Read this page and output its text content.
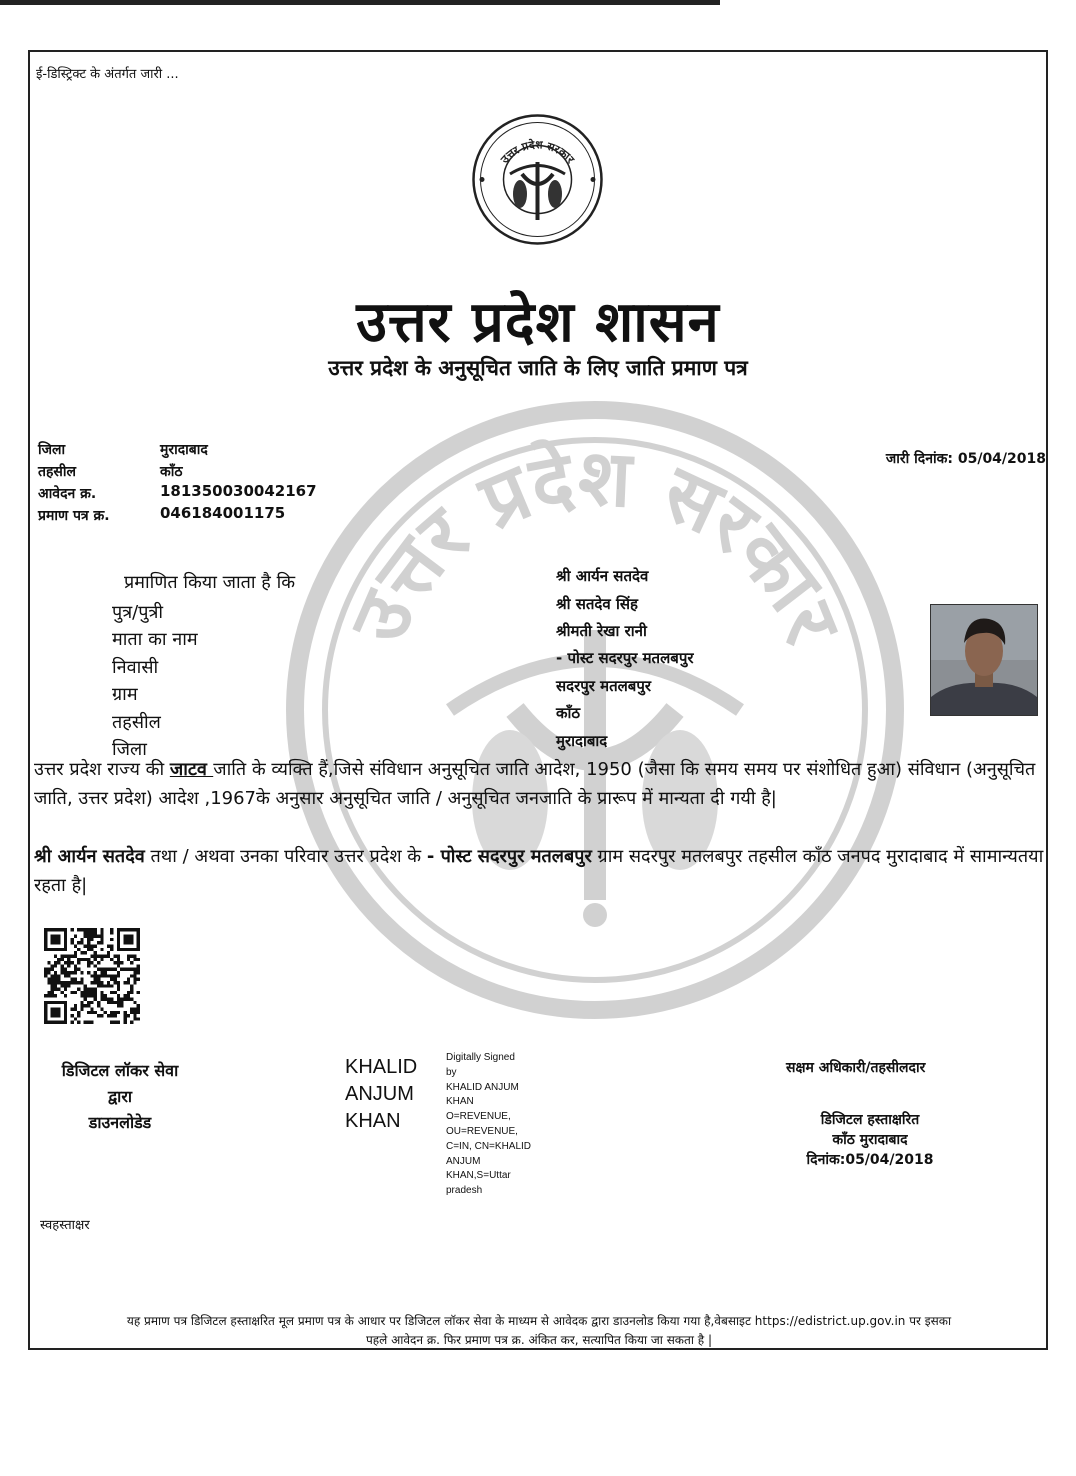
उत्तर प्रदेश सरकार
ई-डिस्ट्रिक्ट के अंतर्गत जारी ...
उत्तर प्रदेश सरकार
उत्तर प्रदेश शासन
उत्तर प्रदेश के अनुसूचित जाति के लिए जाति प्रमाण पत्र
जिला	मुरादाबाद
तहसील	काँठ
आवेदन क्र.	181350030042167
प्रमाण पत्र क्र.	046184001175
जारी दिनांक: 05/04/2018
प्रमाणित किया जाता है कि	श्री आर्यन सतदेव
पुत्र/पुत्री	श्री सतदेव सिंह
माता का नाम	श्रीमती रेखा रानी
निवासी	- पोस्ट सदरपुर मतलबपुर
ग्राम	सदरपुर मतलबपुर
तहसील	काँठ
जिला	मुरादाबाद
उत्तर प्रदेश राज्य की जाटव जाति के व्यक्ति हैं,जिसे संविधान अनुसूचित जाति आदेश, 1950 (जैसा कि समय समय पर संशोधित हुआ) संविधान (अनुसूचित जाति, उत्तर प्रदेश) आदेश ,1967के अनुसार अनुसूचित जाति / अनुसूचित जनजाति के प्रारूप में मान्यता दी गयी है|
श्री आर्यन सतदेव तथा / अथवा उनका परिवार उत्तर प्रदेश के - पोस्ट सदरपुर मतलबपुर ग्राम सदरपुर मतलबपुर तहसील काँठ जनपद मुरादाबाद में सामान्यतया रहता है|
डिजिटल लॉकर सेवा
द्वारा
डाउनलोडेड
KHALID
ANJUM
KHAN
Digitally Signed
by
KHALID ANJUM
KHAN
O=REVENUE,
OU=REVENUE,
C=IN, CN=KHALID
ANJUM
KHAN,S=Uttar
pradesh
सक्षम अधिकारी/तहसीलदार
डिजिटल हस्ताक्षरित
काँठ मुरादाबाद
दिनांक:05/04/2018
स्वहस्ताक्षर
यह प्रमाण पत्र डिजिटल हस्ताक्षरित मूल प्रमाण पत्र के आधार पर डिजिटल लॉकर सेवा के माध्यम से आवेदक द्वारा डाउनलोड किया गया है,वेबसाइट https://edistrict.up.gov.in पर इसका
पहले आवेदन क्र. फिर प्रमाण पत्र क्र. अंकित कर, सत्यापित किया जा सकता है |
